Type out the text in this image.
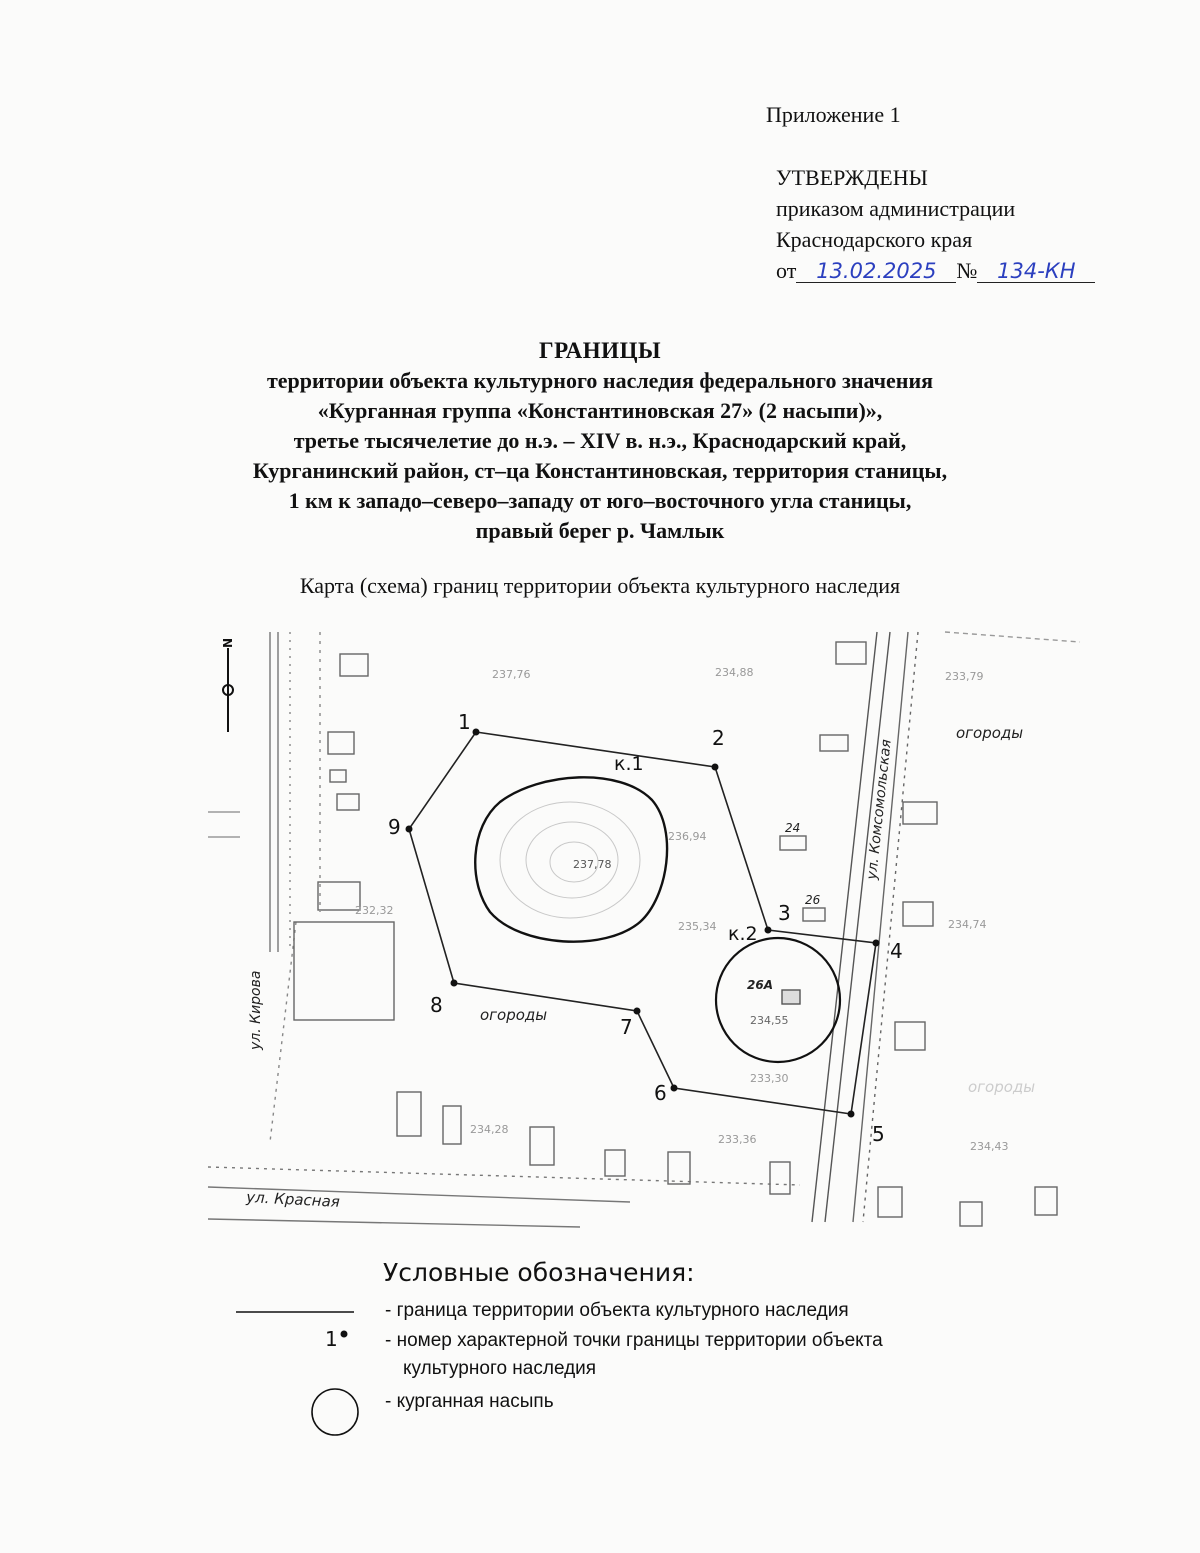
Приложение 1
УТВЕРЖДЕНЫ
приказом администрации
Краснодарского края
от 13.02.2025 № 134-КН
ГРАНИЦЫ
территории объекта культурного наследия федерального значения
«Курганная группа «Константиновская 27» (2 насыпи)»,
третье тысячелетие до н.э. – XIV в. н.э., Краснодарский край,
Курганинский район, ст–ца Константиновская, территория станицы,
1 км к западо–северо–западу от юго–восточного угла станицы,
правый берег р. Чамлык
Карта (схема) границ территории объекта культурного наследия
1
2
3
4
5
6
7
8
9
к.1
к.2
N
ул. Комсомольская
ул. Кирова
ул. Красная
огороды
огороды
огороды
24
26
26А
237,76	234,88	233,79
236,94
237,78
235,34	234,74
234,55
233,30
234,28
233,36
234,43
232,32
Условные обозначения:
1
- граница территории объекта культурного наследия
- номер характерной точки границы территории объекта
культурного наследия
- курганная насыпь
